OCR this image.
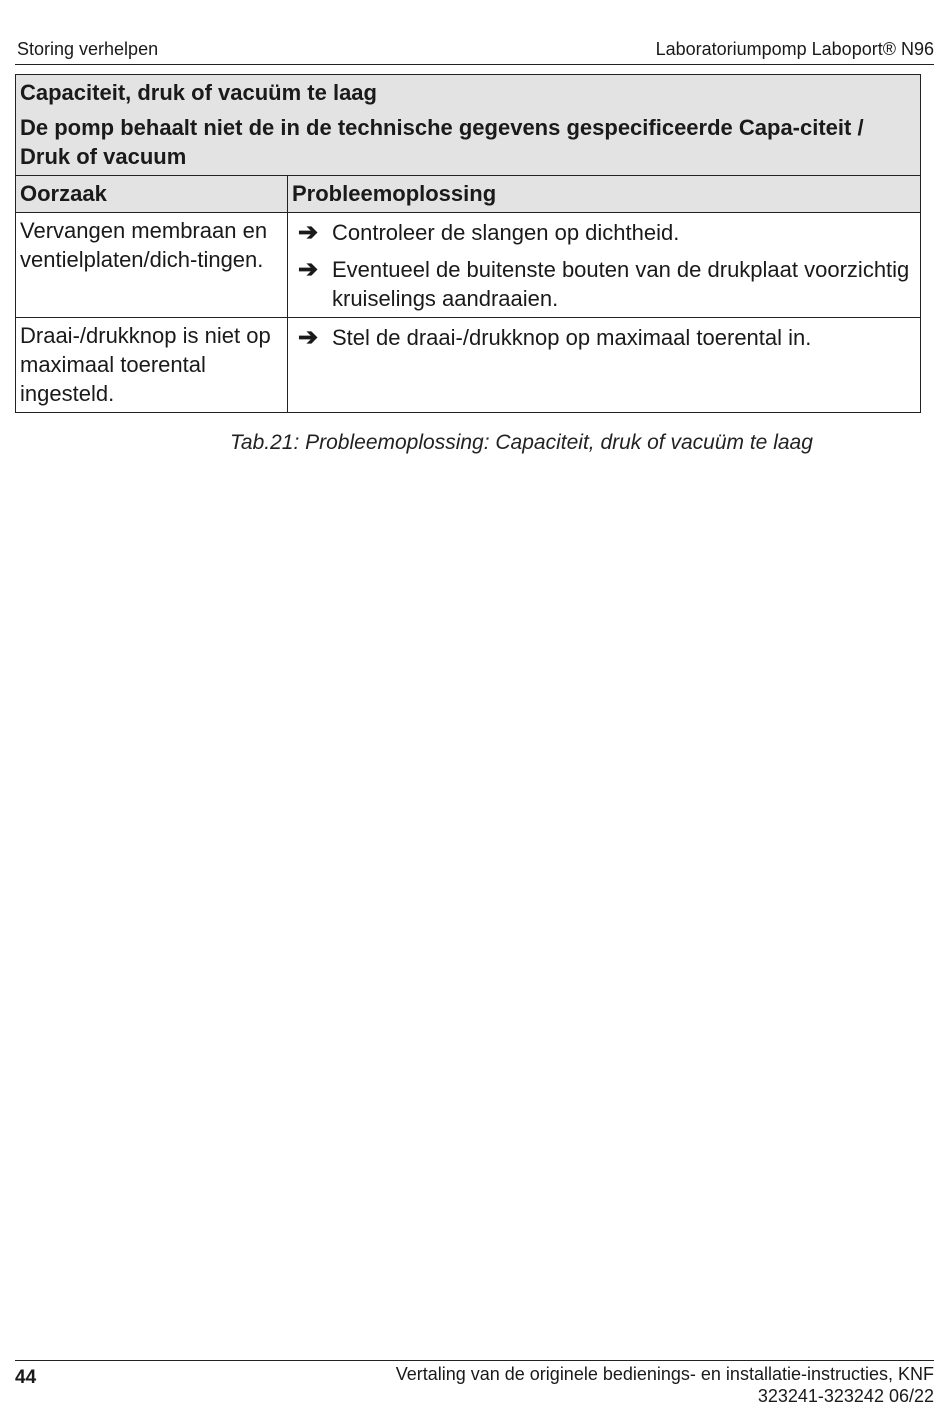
Storing verhelpen	Laboratoriumpomp Laboport® N96
Capaciteit, druk of vacuüm te laag
De pomp behaalt niet de in de technische gegevens gespecificeerde Capa-citeit / Druk of vacuum	

Oorzaak	Probleemoplossing
Vervangen membraan en ventielplaten/dich-tingen.	➔ Controleer de slangen op dichtheid.
➔ Eventueel de buitenste bouten van de drukplaat voorzichtig kruiselings aandraaien.

Draai-/drukknop is niet op maximaal toerental ingesteld.	➔ Stel de draai-/drukknop op maximaal toerental in.
Tab.21: Probleemoplossing: Capaciteit, druk of vacuüm te laag
44	Vertaling van de originele bedienings- en installatie-instructies, KNF
323241-323242 06/22
